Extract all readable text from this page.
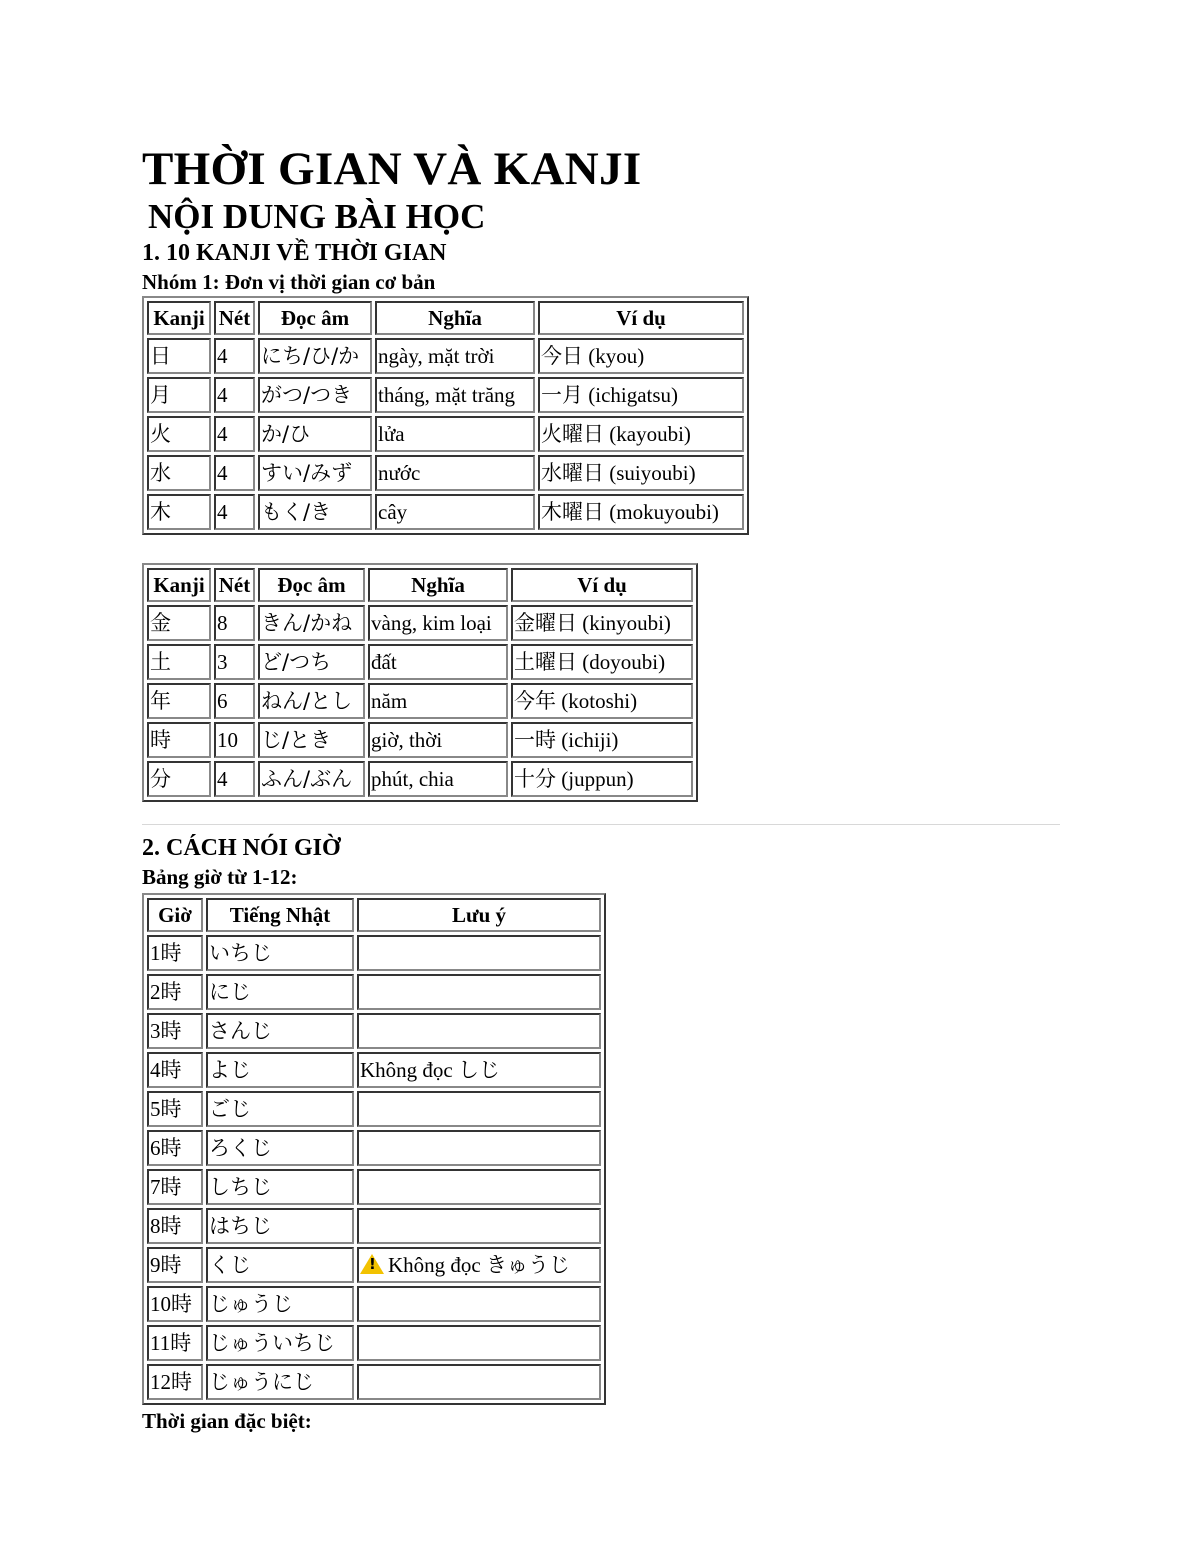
THỜI GIAN VÀ KANJI
NỘI DUNG BÀI HỌC
1. 10 KANJI VỀ THỜI GIAN
Nhóm 1: Đơn vị thời gian cơ bản
Kanji	Nét	Đọc âm	Nghĩa	Ví dụ
日	4	にち/ひ/か	ngày, mặt trời	今日 (kyou)
月	4	がつ/つき	tháng, mặt trăng	一月 (ichigatsu)
火	4	か/ひ	lửa	火曜日 (kayoubi)
水	4	すい/みず	nước	水曜日 (suiyoubi)
木	4	もく/き	cây	木曜日 (mokuyoubi)
Kanji	Nét	Đọc âm	Nghĩa	Ví dụ
金	8	きん/かね	vàng, kim loại	金曜日 (kinyoubi)
土	3	ど/つち	đất	土曜日 (doyoubi)
年	6	ねん/とし	năm	今年 (kotoshi)
時	10	じ/とき	giờ, thời	一時 (ichiji)
分	4	ふん/ぶん	phút, chia	十分 (juppun)
2. CÁCH NÓI GIỜ
Bảng giờ từ 1-12:
Giờ	Tiếng Nhật	Lưu ý
1時	いちじ	
2時	にじ	
3時	さんじ	
4時	よじ	Không đọc しじ
5時	ごじ	
6時	ろくじ	
7時	しちじ	
8時	はちじ	
9時	くじ	!Không đọc きゅうじ
10時	じゅうじ	
11時	じゅういちじ	
12時	じゅうにじ	
Thời gian đặc biệt:
